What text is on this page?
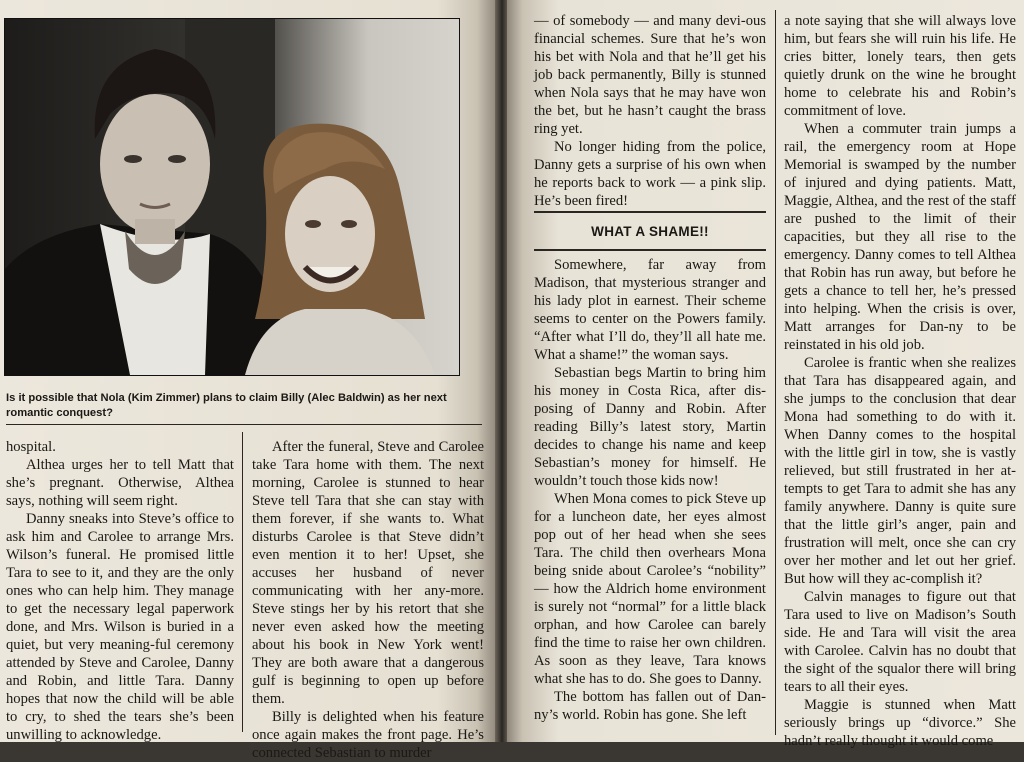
Is it possible that Nola (Kim Zimmer) plans to claim Billy (Alec Baldwin) as her next romantic conquest?

hospital.

Althea urges her to tell Matt that she’s pregnant. Otherwise, Althea says, nothing will seem right.

Danny sneaks into Steve’s office to ask him and Carolee to arrange Mrs. Wilson’s funeral. He promised little Tara to see to it, and they are the only ones who can help him. They manage to get the necessary legal paperwork done, and Mrs. Wilson is buried in a quiet, but very meaning-ful ceremony attended by Steve and Carolee, Danny and Robin, and little Tara. Danny hopes that now the child will be able to cry, to shed the tears she’s been unwilling to acknowledge.

After the funeral, Steve and Carolee take Tara home with them. The next morning, Carolee is stunned to hear Steve tell Tara that she can stay with them forever, if she wants to. What disturbs Carolee is that Steve didn’t even mention it to her! Upset, she accuses her husband of never communicating with her any-more. Steve stings her by his retort that she never even asked how the meeting about his book in New York went! They are both aware that a dangerous gulf is beginning to open up before them.

Billy is delighted when his feature once again makes the front page. He’s connected Sebastian to murder

— of somebody — and many devi-ous financial schemes. Sure that he’s won his bet with Nola and that he’ll get his job back permanently, Billy is stunned when Nola says that he may have won the bet, but he hasn’t caught the brass ring yet.

No longer hiding from the police, Danny gets a surprise of his own when he reports back to work — a pink slip. He’s been fired!

WHAT A SHAME!!

Somewhere, far away from Madison, that mysterious stranger and his lady plot in earnest. Their scheme seems to center on the Powers family. “After what I’ll do, they’ll all hate me. What a shame!” the woman says.

Sebastian begs Martin to bring him his money in Costa Rica, after dis-posing of Danny and Robin. After reading Billy’s latest story, Martin decides to change his name and keep Sebastian’s money for himself. He wouldn’t touch those kids now!

When Mona comes to pick Steve up for a luncheon date, her eyes almost pop out of her head when she sees Tara. The child then overhears Mona being snide about Carolee’s “nobility” — how the Aldrich home environment is surely not “normal” for a little black orphan, and how Carolee can barely find the time to raise her own children. As soon as they leave, Tara knows what she has to do. She goes to Danny.

The bottom has fallen out of Dan-ny’s world. Robin has gone. She left

a note saying that she will always love him, but fears she will ruin his life. He cries bitter, lonely tears, then gets quietly drunk on the wine he brought home to celebrate his and Robin’s commitment of love.

When a commuter train jumps a rail, the emergency room at Hope Memorial is swamped by the number of injured and dying patients. Matt, Maggie, Althea, and the rest of the staff are pushed to the limit of their capacities, but they all rise to the emergency. Danny comes to tell Althea that Robin has run away, but before he gets a chance to tell her, he’s pressed into helping. When the crisis is over, Matt arranges for Dan-ny to be reinstated in his old job.

Carolee is frantic when she realizes that Tara has disappeared again, and she jumps to the conclusion that dear Mona had something to do with it. When Danny comes to the hospital with the little girl in tow, she is vastly relieved, but still frustrated in her at-tempts to get Tara to admit she has any family anywhere. Danny is quite sure that the little girl’s anger, pain and frustration will melt, once she can cry over her mother and let out her grief. But how will they ac-complish it?

Calvin manages to figure out that Tara used to live on Madison’s South side. He and Tara will visit the area with Carolee. Calvin has no doubt that the sight of the squalor there will bring tears to all their eyes.

Maggie is stunned when Matt seriously brings up “divorce.” She hadn’t really thought it would come
